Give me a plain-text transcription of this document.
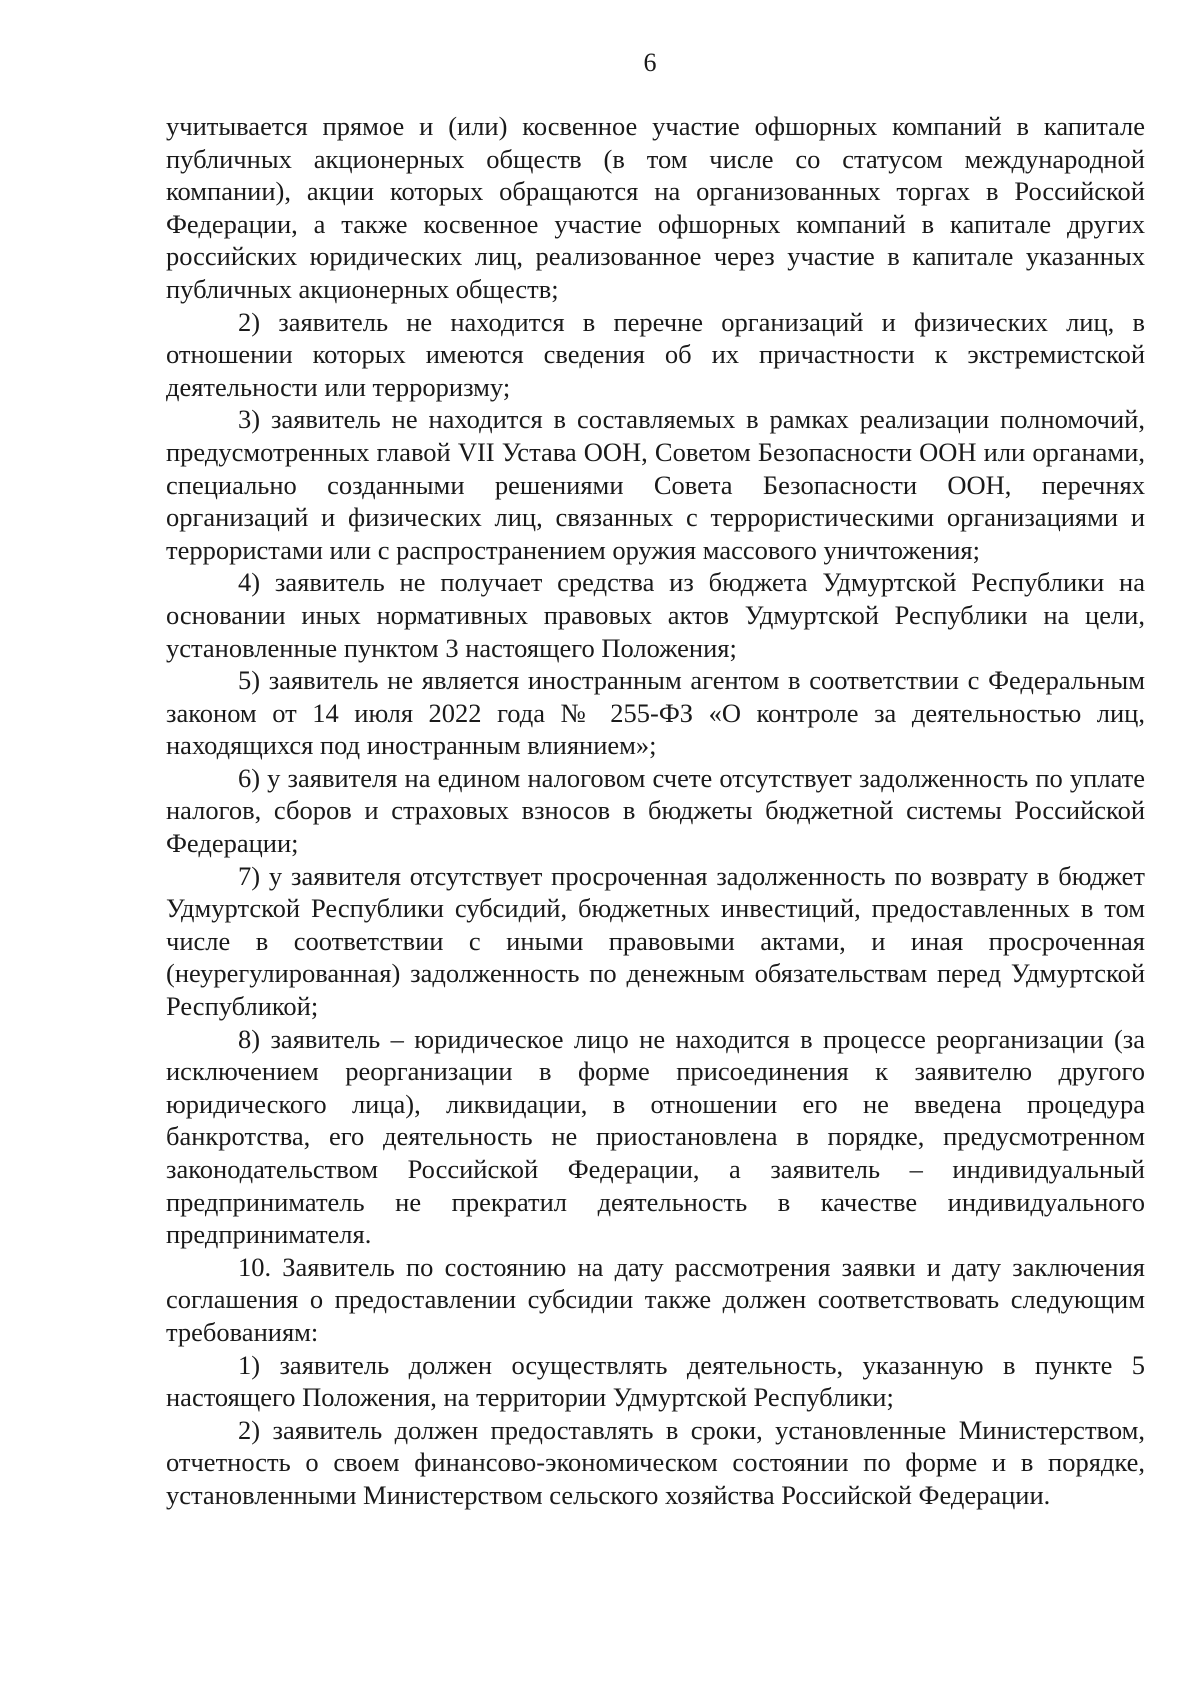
6

учитывается прямое и (или) косвенное участие офшорных компаний в капитале публичных акционерных обществ (в том числе со статусом международной компании), акции которых обращаются на организованных торгах в Российской Федерации, а также косвенное участие офшорных компаний в капитале других российских юридических лиц, реализованное через участие в капитале указанных публичных акционерных обществ;

2) заявитель не находится в перечне организаций и физических лиц, в отношении которых имеются сведения об их причастности к экстремистской деятельности или терроризму;

3) заявитель не находится в составляемых в рамках реализации полномочий, предусмотренных главой VII Устава ООН, Советом Безопасности ООН или органами, специально созданными решениями Совета Безопасности ООН, перечнях организаций и физических лиц, связанных с террористическими организациями и террористами или с распространением оружия массового уничтожения;

4) заявитель не получает средства из бюджета Удмуртской Республики на основании иных нормативных правовых актов Удмуртской Республики на цели, установленные пунктом 3 настоящего Положения;

5) заявитель не является иностранным агентом в соответствии с Федеральным законом от 14 июля 2022 года № 255-ФЗ «О контроле за деятельностью лиц, находящихся под иностранным влиянием»;

6) у заявителя на едином налоговом счете отсутствует задолженность по уплате налогов, сборов и страховых взносов в бюджеты бюджетной системы Российской Федерации;

7) у заявителя отсутствует просроченная задолженность по возврату в бюджет Удмуртской Республики субсидий, бюджетных инвестиций, предоставленных в том числе в соответствии с иными правовыми актами, и иная просроченная (неурегулированная) задолженность по денежным обязательствам перед Удмуртской Республикой;

8) заявитель – юридическое лицо не находится в процессе реорганизации (за исключением реорганизации в форме присоединения к заявителю другого юридического лица), ликвидации, в отношении его не введена процедура банкротства, его деятельность не приостановлена в порядке, предусмотренном законодательством Российской Федерации, а заявитель – индивидуальный предприниматель не прекратил деятельность в качестве индивидуального предпринимателя.

10. Заявитель по состоянию на дату рассмотрения заявки и дату заключения соглашения о предоставлении субсидии также должен соответствовать следующим требованиям:

1) заявитель должен осуществлять деятельность, указанную в пункте 5 настоящего Положения, на территории Удмуртской Республики;

2) заявитель должен предоставлять в сроки, установленные Министерством, отчетность о своем финансово-экономическом состоянии по форме и в порядке, установленными Министерством сельского хозяйства Российской Федерации.
